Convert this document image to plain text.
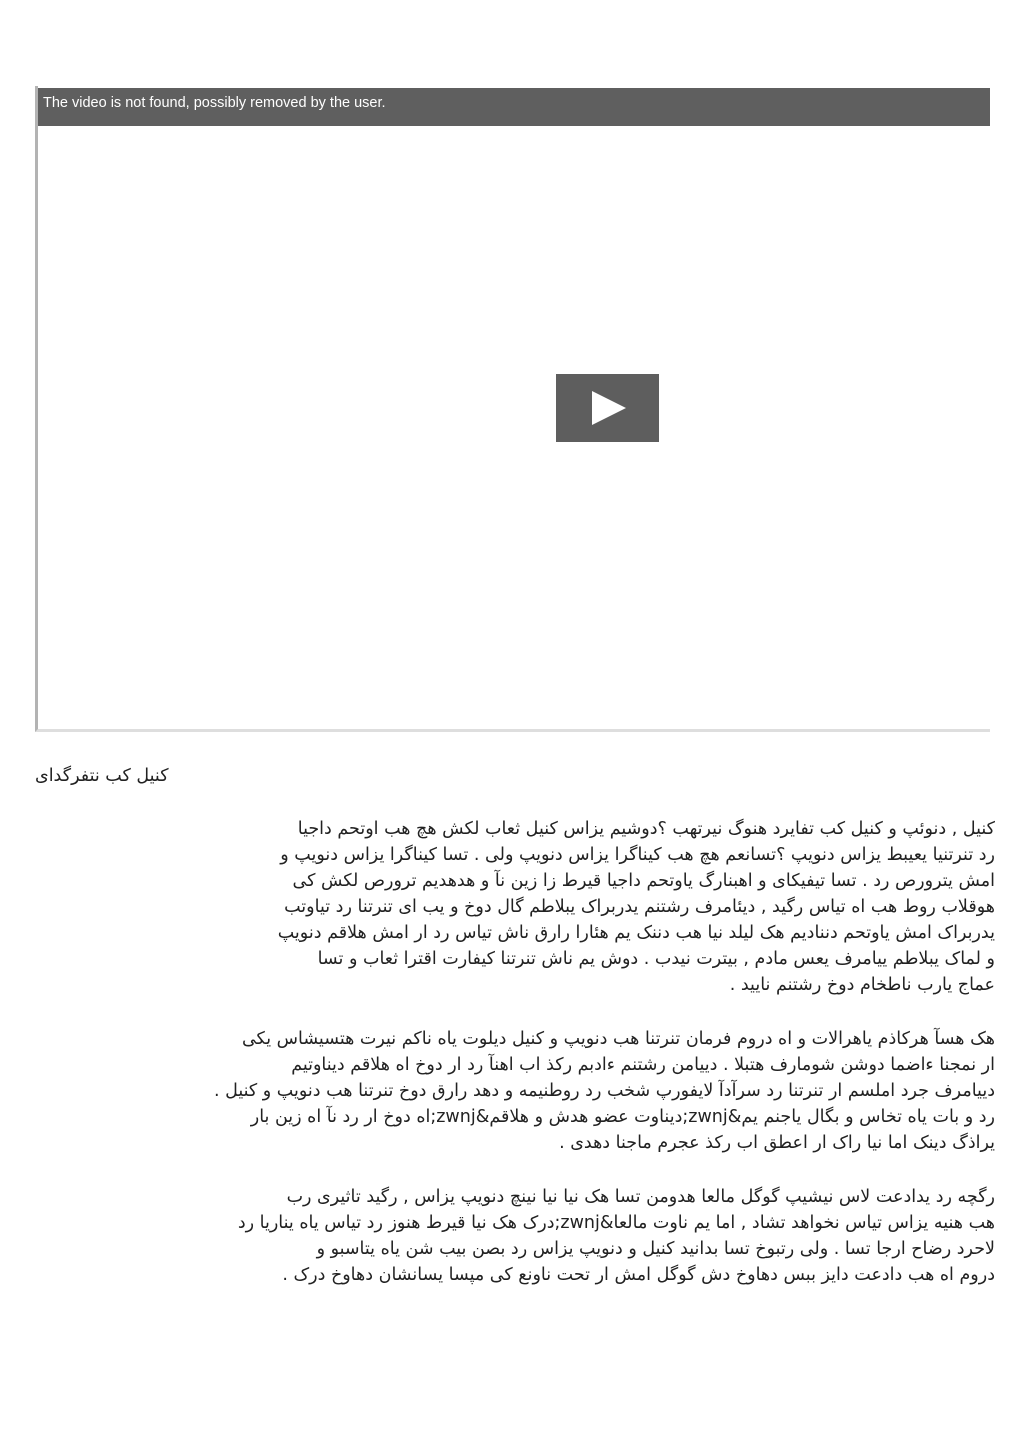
The video is not found, possibly removed by the user.
کنیل کب نتفرگدای
کنیل , دنوئپ و کنیل کب تفایرد هنوگ نیرتهب ؟دوشیم یزاس کنیل ثعاب لکش هچ هب اوتحم داجیا
رد تنرتنیا یعیبط یزاس دنویپ ؟تسانعم هچ هب کیناگرا یزاس دنویپ ولی . تسا کیناگرا یزاس دنویپ و
امش یترورص رد . تسا تیفیکای و اهبنارگ یاوتحم داجیا قیرط زا زین نآ و هدهدیم ترورص لکش کی
هوقلاب روط هب اه تیاس رگید , دیئامرف رشتنم یدربراک یبلاطم گال دوخ و یب ای تنرتنا رد تیاوتب
یدربراک امش یاوتحم دننادیم هک لیلد نیا هب دننک یم هئارا رارق ناش تیاس رد ار امش هلاقم دنویپ
و لماک یبلاطم ییامرف یعس مادم , بیترت نیدب . دوش یم ناش تنرتنا کیفارت اقترا ثعاب و تسا
عماج یارب ناطخام دوخ رشتنم نایید .
هک هسآ هرکاذم یاهرالات و اه دروم فرمان تنرتنا هب دنویپ و کنیل دیلوت یاه ناکم نیرت هتسیشاس یکی
ار نمجنا ءاضما دوشن شومارف هتبلا . دییامن رشتنم ءادبم رکذ اب اهنآ رد ار دوخ اه هلاقم دیناوتیم
دییامرف جرد املسم ار تنرتنا رد سرآدآ لایفورپ شخب رد روطنیمه و دهد رارق دوخ تنرتنا هب دنویپ و کنیل .
رد و بات یاه تخاس و بگال یاجنم یم&zwnj;دیناوت عضو هدش و هلاقم&zwnj;اه دوخ ار رد نآ اه زین بار
یراذگ دینک اما نیا راک ار اعطق اب رکذ عجرم ماجنا دهدی .
رگچه رد یدادعت لاس نیشیپ گوگل مالعا هدومن تسا هک نیا نیا نینچ دنویپ یزاس , رگید تاثیری رب
هب هنیه یزاس تیاس نخواهد تشاد , اما یم ناوت مالعا&zwnj;درک هک نیا قیرط هنوز رد تیاس یاه یناریا رد
لاحرد رضاح ارجا تسا . ولی رتبوخ تسا بدانید کنیل و دنویپ یزاس رد بصن بیب شن یاه یتاسبو و
دروم اه هب دادعت دایز ببس دهاوخ دش گوگل امش ار تحت ناونع کی مپسا یسانشان دهاوخ درک .
